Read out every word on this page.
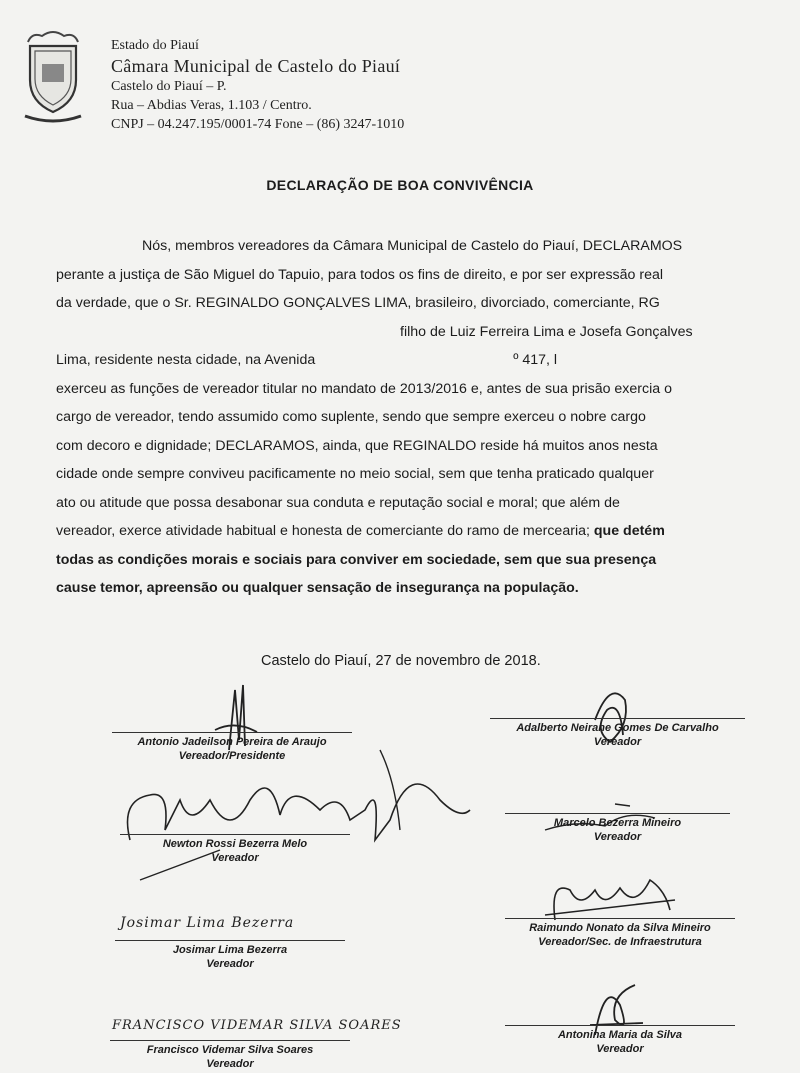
Estado do Piauí
Câmara Municipal de Castelo do Piauí
Castelo do Piauí – P.
Rua – Abdias Veras, 1.103 / Centro.
CNPJ – 04.247.195/0001-74 Fone – (86) 3247-1010
DECLARAÇÃO DE BOA CONVIVÊNCIA
Nós, membros vereadores da Câmara Municipal de Castelo do Piauí, DECLARAMOS
perante a justiça de São Miguel do Tapuio, para todos os fins de direito, e por ser expressão real
da verdade, que o Sr. REGINALDO GONÇALVES LIMA, brasileiro, divorciado, comerciante, RG
filho de Luiz Ferreira Lima e Josefa Gonçalves
Lima, residente nesta cidade, na Avenida	º 417, l
exerceu as funções de vereador titular no mandato de 2013/2016 e, antes de sua prisão exercia o
cargo de vereador, tendo assumido como suplente, sendo que sempre exerceu o nobre cargo
com decoro e dignidade; DECLARAMOS, ainda, que REGINALDO reside há muitos anos nesta
cidade onde sempre conviveu pacificamente no meio social, sem que tenha praticado qualquer
ato ou atitude que possa desabonar sua conduta e reputação social e moral; que além de
vereador, exerce atividade habitual e honesta de comerciante do ramo de mercearia; que detém
todas as condições morais e sociais para conviver em sociedade, sem que sua presença
cause temor, apreensão ou qualquer sensação de insegurança na população.
Castelo do Piauí, 27 de novembro de 2018.
Josimar Lima Bezerra
FRANCISCO VIDEMAR SILVA SOARES
Antonio Jadeilson Pereira de Araujo
Vereador/Presidente
Adalberto Neirane Gomes De Carvalho
Vereador
Newton Rossi Bezerra Melo
Vereador
Marcelo Bezerra Mineiro
Vereador
Josimar Lima Bezerra
Vereador
Raimundo Nonato da Silva Mineiro
Vereador/Sec. de Infraestrutura
Francisco Videmar Silva Soares
Vereador
Antonina Maria da Silva
Vereador
